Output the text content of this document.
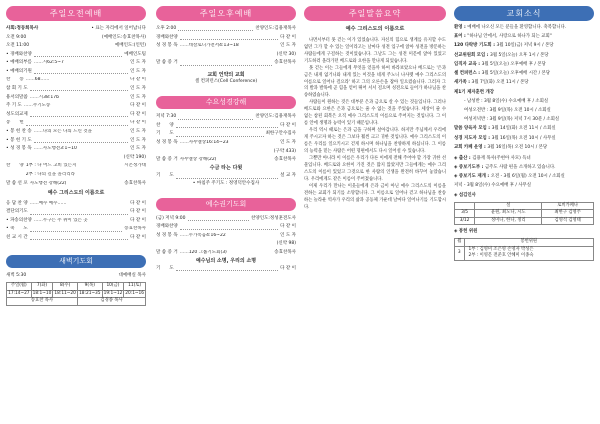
주일오전예배
사회:정동희목사	• 표는 자리에서 일어납니다
오전 9:00	(예배인도:송효찬목사)
오전 11:00	예배인도:(인턴)
• 경배와찬양	예배인도팀
• 예배의부름 ……시62:5~7	인 도 자
• 예배의기원	인 도 자
찬　　송 ……68……	다 같 이
참 회 기 도	인 도 자
용서의말씀 ……시38:17b	인 도 자
주 기 도 ……주기도송	다 같 이
성도의교제	다 같 이
봉　　헌	다 같 이
• 봉 헌 찬 송 ……나의 모든 나의 드린 것을	인 도 자
• 봉 헌 기 도	인 도 자
• 성 경 봉 독 ……사도행전3:1~10	인 도 자
(신약 190)
찬　　양 1부 : 나 어느 고비 있든지	시온성가대
2부 : 나의 길을 올리리라
말 씀 선 포 사도행전 강해(22)	송효찬목사
예수 그리스도의 이름으로
응 답 찬 양 ……예수 예수……	다 같 이
결단의기도	다 같 이
• 파송의찬양 ……누구든 주 위이 있는 곳	다 같 이
• 축　　도	송효찬목사
친 교 시 간	다 같 이
새벽기도회
새벽 5:30	대예배실 목사
주일(월)	7(화)	8(수)	9(목)	10(금)	11(토)
17:14~27	18:1~10	18:11~20	18:21~35	19:1~12	20:1~16
송효찬 목사			김경종 목사		
주일오후예배
오후 2:00	찬양인도:김용재목사
경배와찬양	다 같 이
성 경 봉 독 ……데살로니가전서4:13~18	인 도 자
(신약 30)
말 씀 증 거	송효찬목사
교회 언약의 교회
셀 컨퍼런스(Cell Conference)
수요성경강해
저녁 7:30	찬양인도:김용재목사
찬　　양	다 같 이
기　　도	최한구안수집사
성 경 봉 독 ……사무엘상16:14~23	인 도 자
(구약 433)
말 씀 증 거 사무엘상 강해(22)	송효찬목사
수금 타는 다윗
기　　도	설 교 자
• 마침주 주기도 : 정영덕안수집사
예수권기도회
(금) 저녁 9:00	찬양인도:정성훈전도사
경배와찬양	다 같 이
성 경 봉 독 ……누가복음4:16~22	인 도 자
(신약 98)
말 씀 증 거 ……120 그룹기도회(3)	송효찬목사
예수님의 소명, 우리의 소명
기　　도	다 같 이
주일말씀요약
예수 그리스도의 이름으로

나면서부터 못 걷는 이가 있었습니다. 자신의 힘으로 생계를 유지할 수도 없던 그가 할 수 있는 일이라고는 날마다 성전 입구에 앉아 성전을 방문하는 사람들에게 구걸하는 것이었습니다. 그날도 그는 성전 미문에 앉아 있었고 기도하러 올라가던 베드로와 요한을 만나게 되었습니다.

못 걷는 이는 그들에게 무엇을 얻을까 하여 바라보았으나 베드로는 '은과 금은 내게 없거니와 내게 있는 이것을 네게 주노니 나사렛 예수 그리스도의 이름으로 일어나 걸으라' 하고 그의 오른손을 잡아 일으켰습니다. 그러자 그의 발과 발목에 곧 힘을 얻어 뛰어 서서 걸으며 성전으로 들어가 하나님을 찬송하였습니다.

사람들이 원하는 것은 대부분 은과 금으로 살 수 있는 것들입니다. 그러나 베드로와 요한은 은과 금으로는 줄 수 없는 것을 주었습니다. 세상이 줄 수 없는 참된 회복은 오직 예수 그리스도의 이름으로 주어지는 것입니다. 그 이름 안에 생명과 능력이 있기 때문입니다.

우리 역시 때로는 은과 금을 구하며 살아갑니다. 하지만 주님께서 우리에게 주시고자 하는 것은 그보다 훨씬 크고 귀한 것입니다. 예수 그리스도의 이름은 우리를 일으키시고 걷게 하시며 하나님을 찬양하게 하십니다. 그 이름의 능력을 믿는 사람은 어떤 형편에서도 다시 일어설 수 있습니다.

그뿐만 아니라 이 이름은 우리가 다른 이에게 전해 주어야 할 가장 귀한 선물입니다. 베드로와 요한이 가진 것은 많지 않았지만 그들에게는 예수 그리스도의 이름이 있었고 그것으로 한 사람의 인생을 완전히 바꾸어 놓았습니다. 우리에게도 같은 이름이 주어졌습니다.

이제 우리가 만나는 이웃들에게 은과 금이 아닌 예수 그리스도의 이름을 전하는 교회가 되기를 소망합니다. 그 이름으로 일어나 걷고 하나님을 찬송하는 놀라운 역사가 우리의 삶과 공동체 가운데 날마다 일어나기를 기도합시다.

교회소식

환영 : 예배에 나오신 모든 분들을 환영합니다. 축복합니다.

표어 : "하나님 안에서, 사랑으로 하나가 되는 교회"

120 다락방 기도회 : 3월 10일(금) 저녁 9시 / 본당

선교위원회 모임 : 3월 5일(오늘) 오후 1시 / 본당

임직자 교육 : 3월 5일(오늘) 오후예배 후 / 본당

셀 컨퍼런스 : 3월 5일(오늘) 오후예배 시간 / 본당

새가족 : 3월 7일(화) 오전 11시 / 본당

제1기 제자훈련 개강

- 남성반 : 3월 8일(수) 수요예배 후 / 소회실

여성오전반 : 3월 9일(목) 오전 10시 / 소회실

여성저녁반 : 3월 9일(목) 저녁 7시 30분 / 소회실

말씀 양육자 모임 : 3월 14일(화) 오전 11시 / 소회실

성경 지도자 모임 : 3월 16일(목) 오전 10시 / 사무실

교회 카페 운영 : 3월 16일(목) 오전 10시 / 본당

◈ 출산 : 김용재 목사(주현아 사모) 득녀

◈ 중보기도부 : 금주도 사람 편을 소개하고 있습니다.

◈ 중보기도 재개 : 오전 - 3월 6일(월) 오전 10시 / 소회실

저녁 - 3월 8일(수) 수요예배 후 / 사무실

◈ 섬김인사

	설	로비카페나
3/5	윤원, 최노나, 시도	최한구 김영주
3/12	정미나, 한나, 정리	김영석 김영태

◈ 봉헌 위원

월	봉헌위원
3	1부 : 김영미 조은영 손영자 박성은
2부 : 이영문 전준호 안혜미 이종숙
